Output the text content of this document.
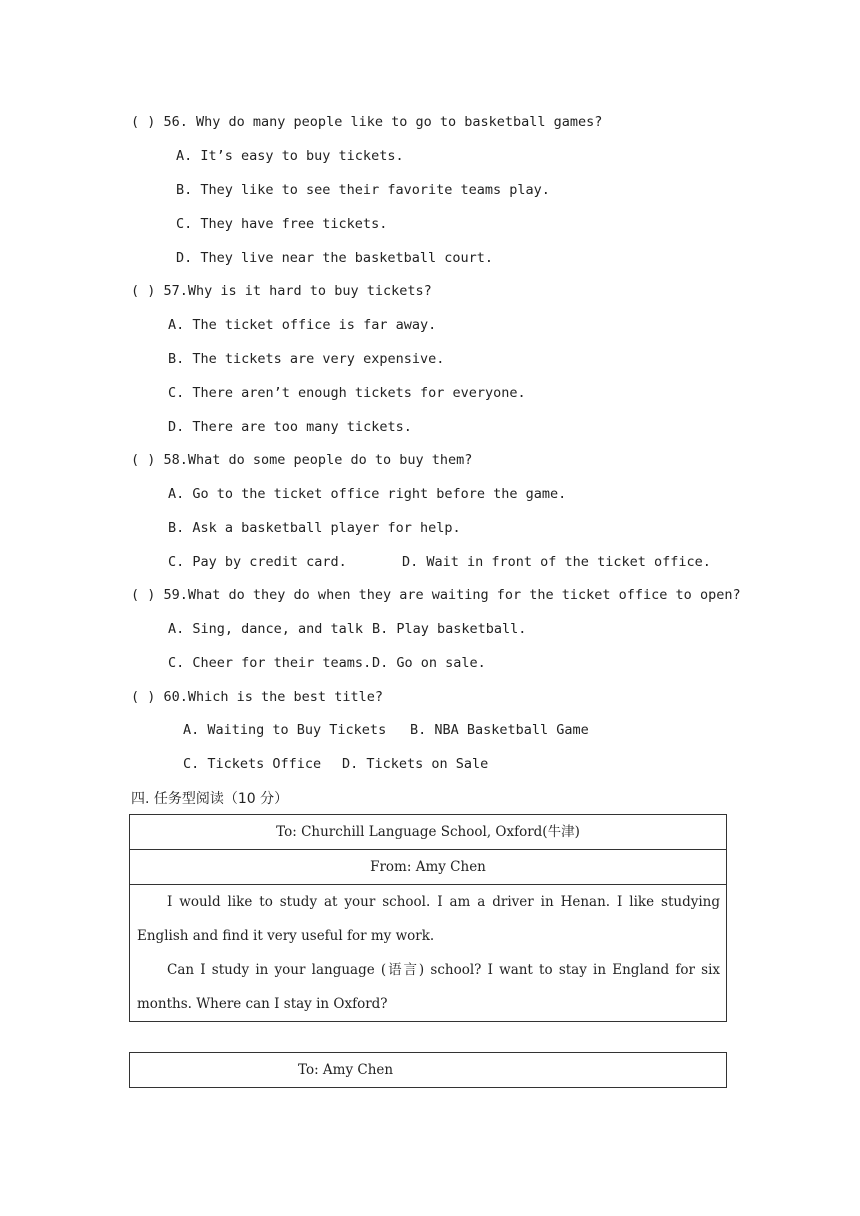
( ) 56. Why do many people like to go to basketball games?
A. It’s easy to buy tickets.
B. They like to see their favorite teams play.
C. They have free tickets.
D. They live near the basketball court.
( ) 57.Why is it hard to buy tickets?
A. The ticket office is far away.
B. The tickets are very expensive.
C. There aren’t enough tickets for everyone.
D. There are too many tickets.
( ) 58.What do some people do to buy them?
A. Go to the ticket office right before the game.
B. Ask a basketball player for help.
C. Pay by credit card.	D. Wait in front of the ticket office.
( ) 59.What do they do when they are waiting for the ticket office to open?
A. Sing, dance, and talk B. Play basketball.
C. Cheer for their teams. D. Go on sale.
( ) 60.Which is the best title?
A. Waiting to Buy Tickets B. NBA Basketball Game
C. Tickets Office D. Tickets on Sale
四. 任务型阅读（10 分）
To: Churchill Language School, Oxford(牛津)
From: Amy Chen
I would like to study at your school. I am a driver in Henan. I like studying English and find it very useful for my work.
Can I study in your language (语言) school? I want to stay in England for six months. Where can I stay in Oxford?
To: Amy Chen
